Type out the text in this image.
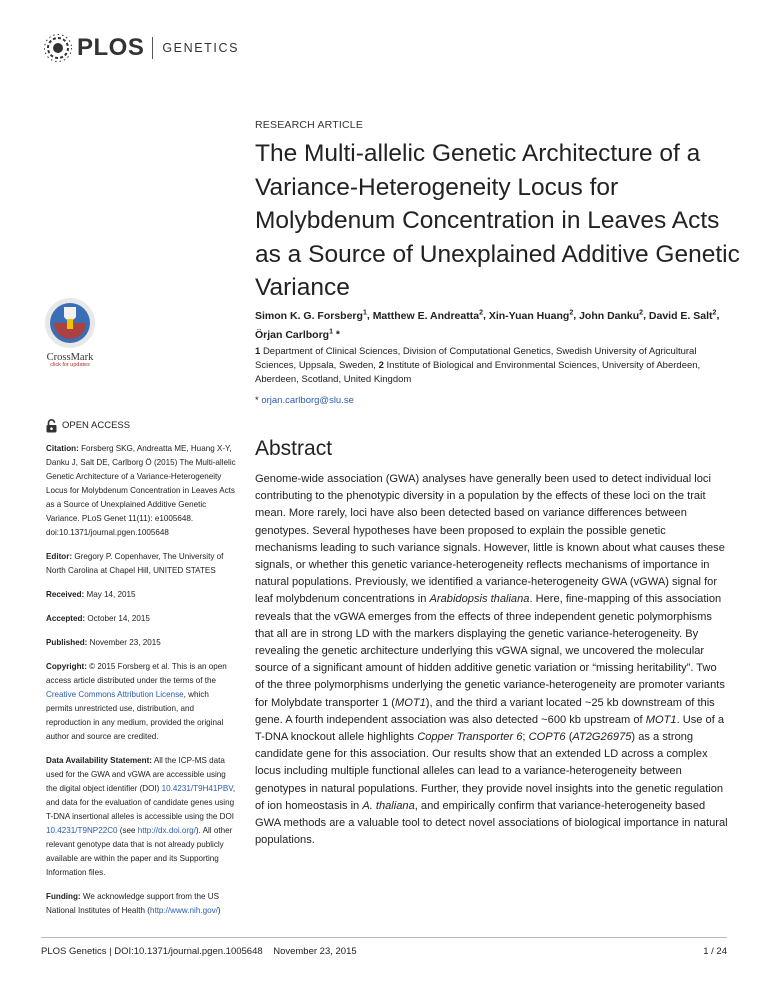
PLOS GENETICS
CrossMark
click for updates
RESEARCH ARTICLE
The Multi-allelic Genetic Architecture of a Variance-Heterogeneity Locus for Molybdenum Concentration in Leaves Acts as a Source of Unexplained Additive Genetic Variance
Simon K. G. Forsberg$^1$, Matthew E. Andreatta$^2$, Xin-Yuan Huang$^2$, John Danku$^2$, David E. Salt$^2$, Örjan Carlborg$^1$ *
1 Department of Clinical Sciences, Division of Computational Genetics, Swedish University of Agricultural Sciences, Uppsala, Sweden, 2 Institute of Biological and Environmental Sciences, University of Aberdeen, Aberdeen, Scotland, United Kingdom
* orjan.carlborg@slu.se
OPEN ACCESS
Citation: Forsberg SKG, Andreatta ME, Huang X-Y, Danku J, Salt DE, Carlborg Ö (2015) The Multi-allelic Genetic Architecture of a Variance-Heterogeneity Locus for Molybdenum Concentration in Leaves Acts as a Source of Unexplained Additive Genetic Variance. PLoS Genet 11(11): e1005648. doi:10.1371/journal.pgen.1005648
Editor: Gregory P. Copenhaver, The University of North Carolina at Chapel Hill, UNITED STATES
Received: May 14, 2015
Accepted: October 14, 2015
Published: November 23, 2015
Copyright: © 2015 Forsberg et al. This is an open access article distributed under the terms of the Creative Commons Attribution License, which permits unrestricted use, distribution, and reproduction in any medium, provided the original author and source are credited.
Data Availability Statement: All the ICP-MS data used for the GWA and vGWA are accessible using the digital object identifier (DOI) 10.4231/T9H41PBV, and data for the evaluation of candidate genes using T-DNA insertional alleles is accessible using the DOI 10.4231/T9NP22C0 (see http://dx.doi.org/). All other relevant genotype data that is not already publicly available are within the paper and its Supporting Information files.
Funding: We acknowledge support from the US National Institutes of Health (http://www.nih.gov/)
Abstract

Genome-wide association (GWA) analyses have generally been used to detect individual loci contributing to the phenotypic diversity in a population by the effects of these loci on the trait mean. More rarely, loci have also been detected based on variance differences between genotypes. Several hypotheses have been proposed to explain the possible genetic mechanisms leading to such variance signals. However, little is known about what causes these signals, or whether this genetic variance-heterogeneity reflects mechanisms of importance in natural populations. Previously, we identified a variance-heterogeneity GWA (vGWA) signal for leaf molybdenum concentrations in Arabidopsis thaliana. Here, fine-mapping of this association reveals that the vGWA emerges from the effects of three independent genetic polymorphisms that all are in strong LD with the markers displaying the genetic variance-heterogeneity. By revealing the genetic architecture underlying this vGWA signal, we uncovered the molecular source of a significant amount of hidden additive genetic variation or “missing heritability”. Two of the three polymorphisms underlying the genetic variance-heterogeneity are promoter variants for Molybdate transporter 1 (MOT1), and the third a variant located ~25 kb downstream of this gene. A fourth independent association was also detected ~600 kb upstream of MOT1. Use of a T-DNA knockout allele highlights Copper Transporter 6; COPT6 (AT2G26975) as a strong candidate gene for this association. Our results show that an extended LD across a complex locus including multiple functional alleles can lead to a variance-heterogeneity between genotypes in natural populations. Further, they provide novel insights into the genetic regulation of ion homeostasis in A. thaliana, and empirically confirm that variance-heterogeneity based GWA methods are a valuable tool to detect novel associations of biological importance in natural populations.

PLOS Genetics | DOI:10.1371/journal.pgen.1005648    November 23, 2015	1 / 24
